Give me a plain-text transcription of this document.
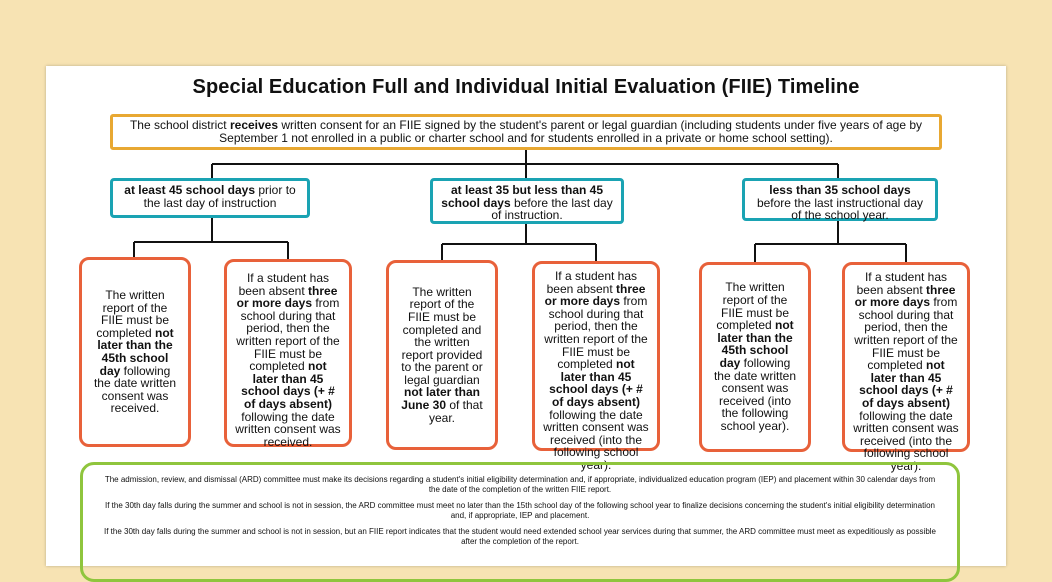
Special Education Full and Individual Initial Evaluation (FIIE) Timeline
The school district receives written consent for an FIIE signed by the student's parent or legal guardian (including students under five years of age by September 1 not enrolled in a public or charter school and for students enrolled in a private or home school setting).
at least 45 school days prior to the last day of instruction
at least 35 but less than 45 school days before the last day of instruction.
less than 35 school days before the last instructional day of the school year.
The written report of the FIIE must be completed not later than the 45th school day following the date written consent was received.
If a student has been absent three or more days from school during that period, then the written report of the FIIE must be completed not later than 45 school days (+ # of days absent) following the date written consent was received.
The written report of the FIIE must be completed and the written report provided to the parent or legal guardian not later than June 30 of that year.
If a student has been absent three or more days from school during that period, then the written report of the FIIE must be completed not later than 45 school days (+ # of days absent) following the date written consent was received (into the following school year).
The written report of the FIIE must be completed not later than the 45th school day following the date written consent was received (into the following school year).
If a student has been absent three or more days from school during that period, then the written report of the FIIE must be completed not later than 45 school days (+ # of days absent) following the date written consent was received (into the following school year).

The admission, review, and dismissal (ARD) committee must make its decisions regarding a student's initial eligibility determination and, if appropriate, individualized education program (IEP) and placement within 30 calendar days from the date of the completion of the written FIIE report.

If the 30th day falls during the summer and school is not in session, the ARD committee must meet no later than the 15th school day of the following school year to finalize decisions concerning the student's initial eligibility determination and, if appropriate, IEP and placement.

If the 30th day falls during the summer and school is not in session, but an FIIE report indicates that the student would need extended school year services during that summer, the ARD committee must meet as expeditiously as possible after the completion of the report.
